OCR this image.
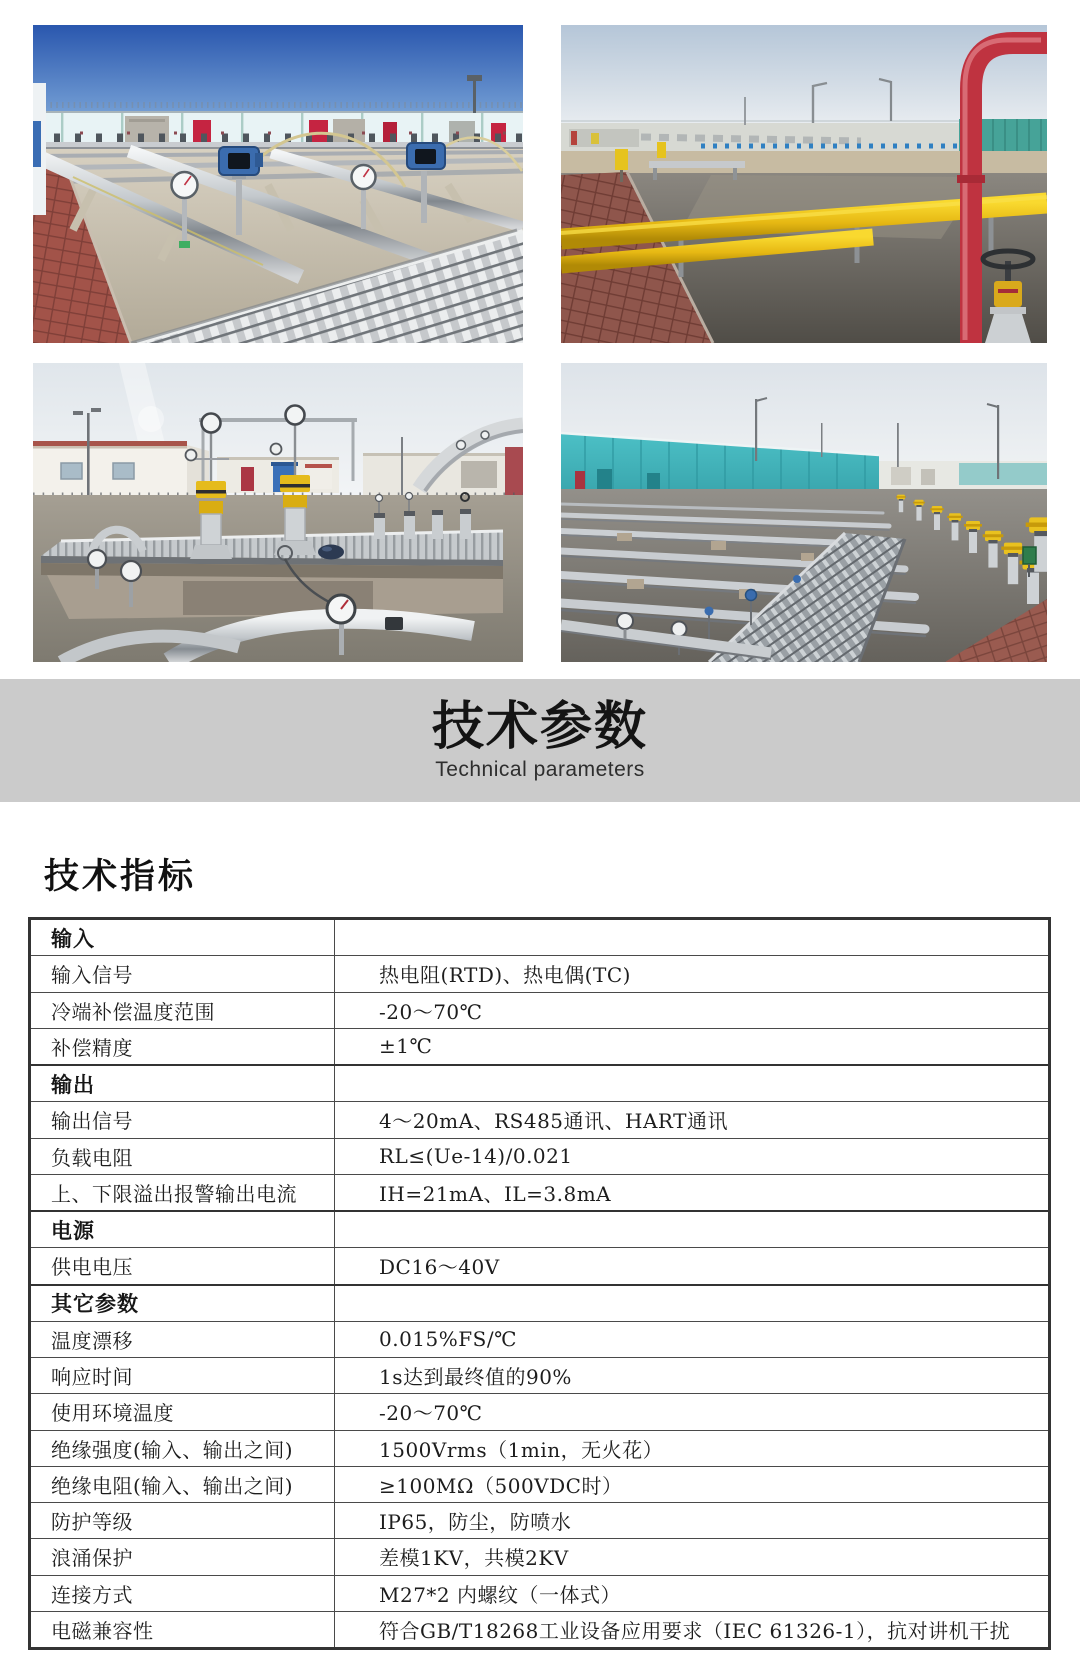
技术参数
Technical parameters
技术指标
输入
输入信号	热电阻(RTD)、热电偶(TC)
冷端补偿温度范围	-20～70℃
补偿精度	±1℃
输出
输出信号	4～20mA、RS485通讯、HART通讯
负载电阻	RL≤(Ue-14)/0.021
上、下限溢出报警输出电流	IH=21mA、IL=3.8mA
电源
供电电压	DC16～40V
其它参数
温度漂移	0.015%FS/℃
响应时间	1s达到最终值的90%
使用环境温度	-20～70℃
绝缘强度(输入、输出之间)	1500Vrms（1min，无火花）
绝缘电阻(输入、输出之间)	≥100MΩ（500VDC时）
防护等级	IP65，防尘，防喷水
浪涌保护	差模1KV，共模2KV
连接方式	M27*2 内螺纹（一体式）
电磁兼容性	符合GB/T18268工业设备应用要求（IEC 61326-1），抗对讲机干扰
